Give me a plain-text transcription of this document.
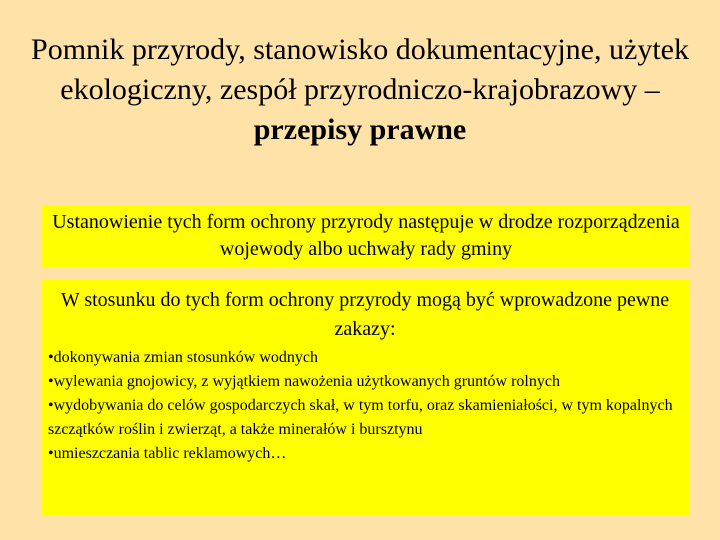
Pomnik przyrody, stanowisko dokumentacyjne, użytek ekologiczny, zespół przyrodniczo-krajobrazowy – przepisy prawne
Ustanowienie tych form ochrony przyrody następuje w drodze rozporządzenia wojewody albo uchwały rady gminy
W stosunku do tych form ochrony przyrody mogą być wprowadzone pewne zakazy:
• dokonywania zmian stosunków wodnych
• wylewania gnojowicy, z wyjątkiem nawożenia użytkowanych gruntów rolnych
• wydobywania do celów gospodarczych skał, w tym torfu, oraz skamieniałości, w tym kopalnych szczątków roślin i zwierząt, a także minerałów i bursztynu
• umieszczania tablic reklamowych…
